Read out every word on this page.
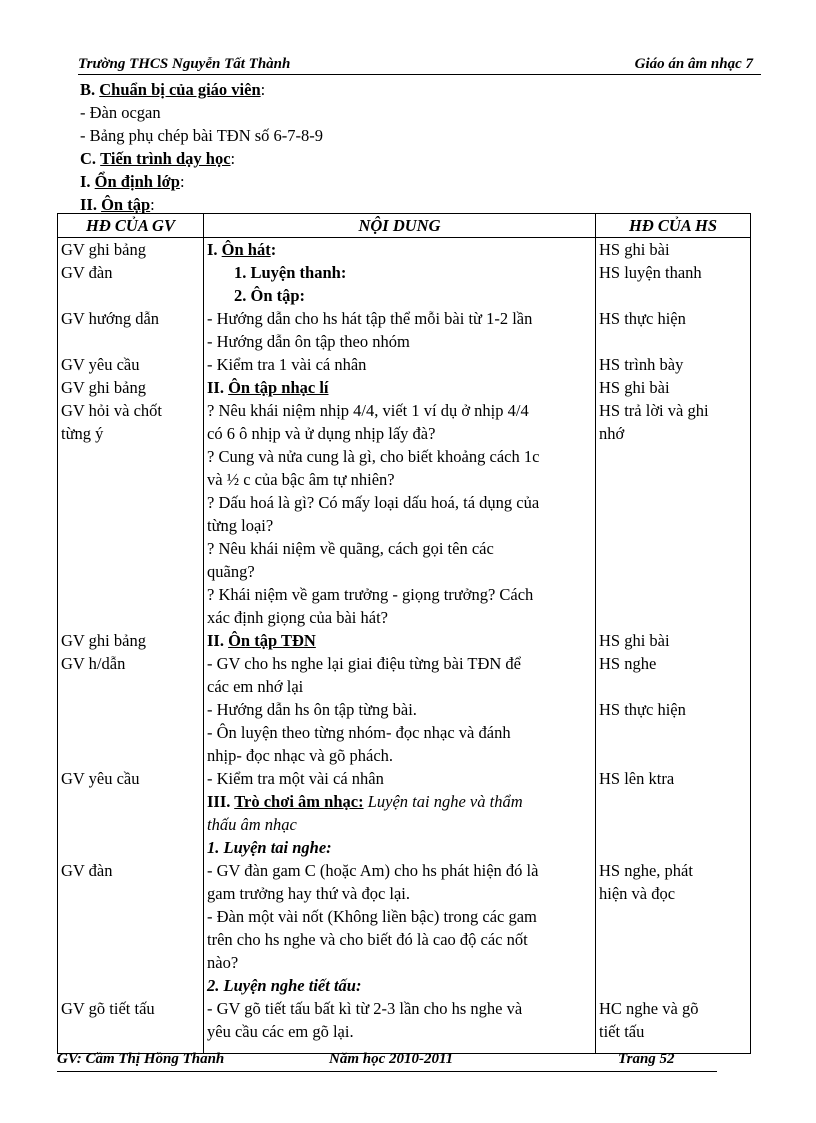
Trường THCS Nguyễn Tất Thành	Giáo án âm nhạc 7
B. Chuẩn bị của giáo viên:
- Đàn ocgan
- Bảng phụ chép bài TĐN số 6-7-8-9
C. Tiến trình dạy học:
I. Ổn định lớp:
II. Ôn tập:
HĐ CỦA GV	NỘI DUNG	HĐ CỦA HS
GV ghi bảng	I. Ôn hát:	HS ghi bài
GV đàn	1. Luyện thanh:	HS luyện thanh
	2. Ôn tập:	
GV hướng dẫn	- Hướng dẫn cho hs hát tập thể mỗi bài từ 1-2 lần	HS thực hiện
	- Hướng dẫn ôn tập theo nhóm	
GV yêu cầu	- Kiểm tra 1 vài cá nhân	HS trình bày
GV ghi bảng	II. Ôn tập nhạc lí	HS ghi bài
GV hỏi và chốt	? Nêu khái niệm nhịp 4/4, viết 1 ví dụ ở nhịp 4/4	HS trả lời và ghi
từng ý	có 6 ô nhịp và ử dụng nhịp lấy đà?	nhớ
	? Cung và nửa cung là gì, cho biết khoảng cách 1c	
	và ½ c của bậc âm tự nhiên?	
	? Dấu hoá là gì? Có mấy loại dấu hoá, tá dụng của	
	từng loại?	
	? Nêu khái niệm về quãng, cách gọi tên các	
	quãng?	
	? Khái niệm về gam trưởng - giọng trưởng? Cách	
	xác định giọng của bài hát?	
GV ghi bảng	II. Ôn tập TĐN	HS ghi bài
GV h/dẫn	- GV cho hs nghe lại giai điệu từng bài TĐN để	HS nghe
	các em nhớ lại	
	- Hướng dẫn hs ôn tập từng bài.	HS thực hiện
	- Ôn luyện theo từng nhóm- đọc nhạc và đánh	
	nhịp- đọc nhạc và gõ phách.	
GV yêu cầu	- Kiểm tra một vài cá nhân	HS lên ktra
	III. Trò chơi âm nhạc: Luyện tai nghe và thẩm	
	thấu âm nhạc	
	1. Luyện tai nghe:	
GV đàn	- GV đàn gam C (hoặc Am) cho hs phát hiện đó là	HS nghe, phát
	gam trưởng hay thứ và đọc lại.	hiện và đọc
	- Đàn một vài nốt (Không liền bậc) trong các gam	
	trên cho hs nghe và cho biết đó là cao độ các nốt	
	nào?	
	2. Luyện nghe tiết tấu:	
GV gõ tiết tấu	- GV gõ tiết tấu bất kì từ 2-3 lần cho hs nghe và	HC nghe và gõ
	yêu cầu các em gõ lại.	tiết tấu

GV: Cầm Thị Hồng Thanh	Năm học 2010-2011	Trang 52
